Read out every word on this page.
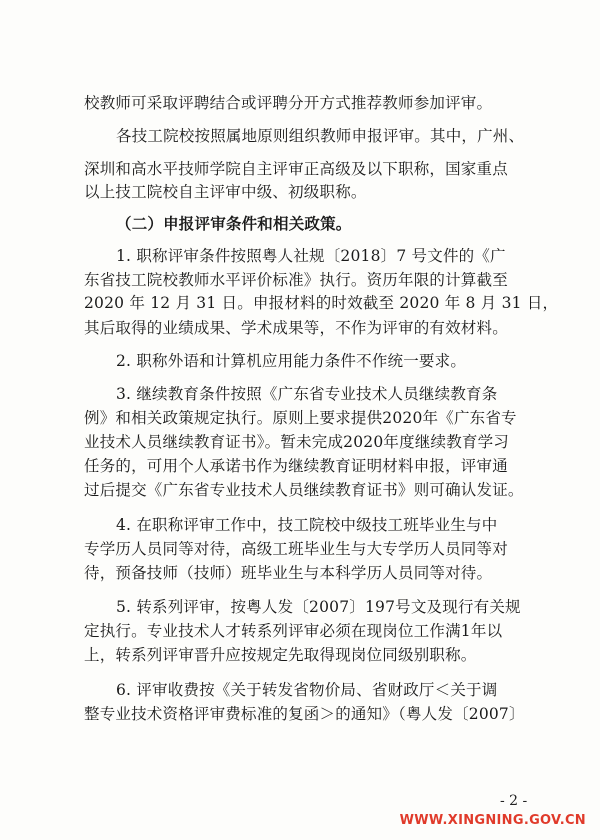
校教师可采取评聘结合或评聘分开方式推荐教师参加评审。
各技工院校按照属地原则组织教师申报评审。其中，广州、
深圳和高水平技师学院自主评审正高级及以下职称，国家重点
以上技工院校自主评审中级、初级职称。
（二）申报评审条件和相关政策。
1. 职称评审条件按照粤人社规〔2018〕7 号文件的《广
东省技工院校教师水平评价标准》执行。资历年限的计算截至
2020 年 12 月 31 日。申报材料的时效截至 2020 年 8 月 31 日，
其后取得的业绩成果、学术成果等，不作为评审的有效材料。
2. 职称外语和计算机应用能力条件不作统一要求。
3. 继续教育条件按照《广东省专业技术人员继续教育条
例》和相关政策规定执行。原则上要求提供2020年《广东省专
业技术人员继续教育证书》。暂未完成2020年度继续教育学习
任务的，可用个人承诺书作为继续教育证明材料申报，评审通
过后提交《广东省专业技术人员继续教育证书》则可确认发证。
4. 在职称评审工作中，技工院校中级技工班毕业生与中
专学历人员同等对待，高级工班毕业生与大专学历人员同等对
待，预备技师（技师）班毕业生与本科学历人员同等对待。
5. 转系列评审，按粤人发〔2007〕197号文及现行有关规
定执行。专业技术人才转系列评审必须在现岗位工作满1年以
上，转系列评审晋升应按规定先取得现岗位同级别职称。
6. 评审收费按《关于转发省物价局、省财政厅＜关于调
整专业技术资格评审费标准的复函＞的通知》（粤人发〔2007〕
- 2 -
WWW.XINGNING.GOV.CN
